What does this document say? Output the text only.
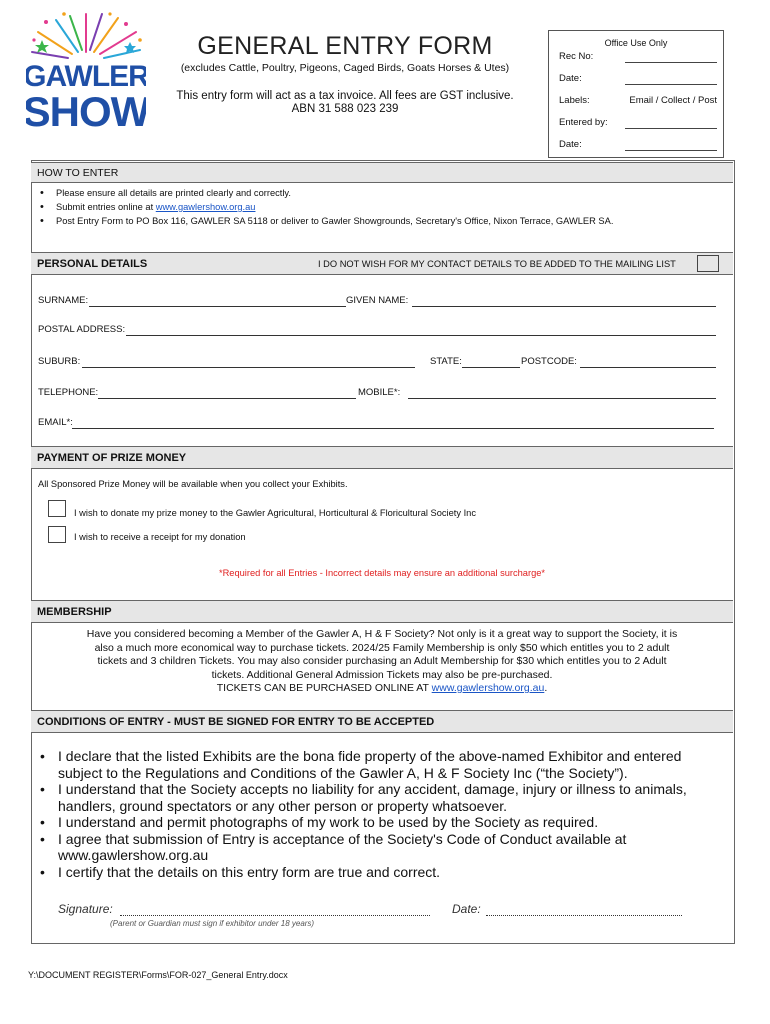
GAWLER
SHOW
GENERAL ENTRY FORM
(excludes Cattle, Poultry, Pigeons, Caged Birds, Goats Horses & Utes)
This entry form will act as a tax invoice. All fees are GST inclusive.
ABN 31 588 023 239
Office Use Only
Rec No:
Date:
Labels:	Email / Collect / Post
Entered by:
Date:
HOW TO ENTER
• Please ensure all details are printed clearly and correctly.
• Submit entries online at www.gawlershow.org.au
• Post Entry Form to PO Box 116, GAWLER SA 5118 or deliver to Gawler Showgrounds, Secretary's Office, Nixon Terrace, GAWLER SA.
PERSONAL DETAILS	I DO NOT WISH FOR MY CONTACT DETAILS TO BE ADDED TO THE MAILING LIST
SURNAME:	GIVEN NAME:
POSTAL ADDRESS:
SUBURB:	STATE:	POSTCODE:
TELEPHONE:	MOBILE*:
EMAIL*:
PAYMENT OF PRIZE MONEY
All Sponsored Prize Money will be available when you collect your Exhibits.
I wish to donate my prize money to the Gawler Agricultural, Horticultural & Floricultural Society Inc
I wish to receive a receipt for my donation
*Required for all Entries - Incorrect details may ensure an additional surcharge*
MEMBERSHIP
Have you considered becoming a Member of the Gawler A, H & F Society? Not only is it a great way to support the Society, it is
also a much more economical way to purchase tickets. 2024/25 Family Membership is only $50 which entitles you to 2 adult
tickets and 3 children Tickets. You may also consider purchasing an Adult Membership for $30 which entitles you to 2 Adult
tickets. Additional General Admission Tickets may also be pre-purchased.
TICKETS CAN BE PURCHASED ONLINE AT www.gawlershow.org.au.
CONDITIONS OF ENTRY - MUST BE SIGNED FOR ENTRY TO BE ACCEPTED
• I declare that the listed Exhibits are the bona fide property of the above-named Exhibitor and entered subject to the Regulations and Conditions of the Gawler A, H & F Society Inc (“the Society”).
• I understand that the Society accepts no liability for any accident, damage, injury or illness to animals, handlers, ground spectators or any other person or property whatsoever.
• I understand and permit photographs of my work to be used by the Society as required.
• I agree that submission of Entry is acceptance of the Society's Code of Conduct available at www.gawlershow.org.au
• I certify that the details on this entry form are true and correct.
Signature:	Date:
(Parent or Guardian must sign if exhibitor under 18 years)
Y:\DOCUMENT REGISTER\Forms\FOR-027_General Entry.docx
